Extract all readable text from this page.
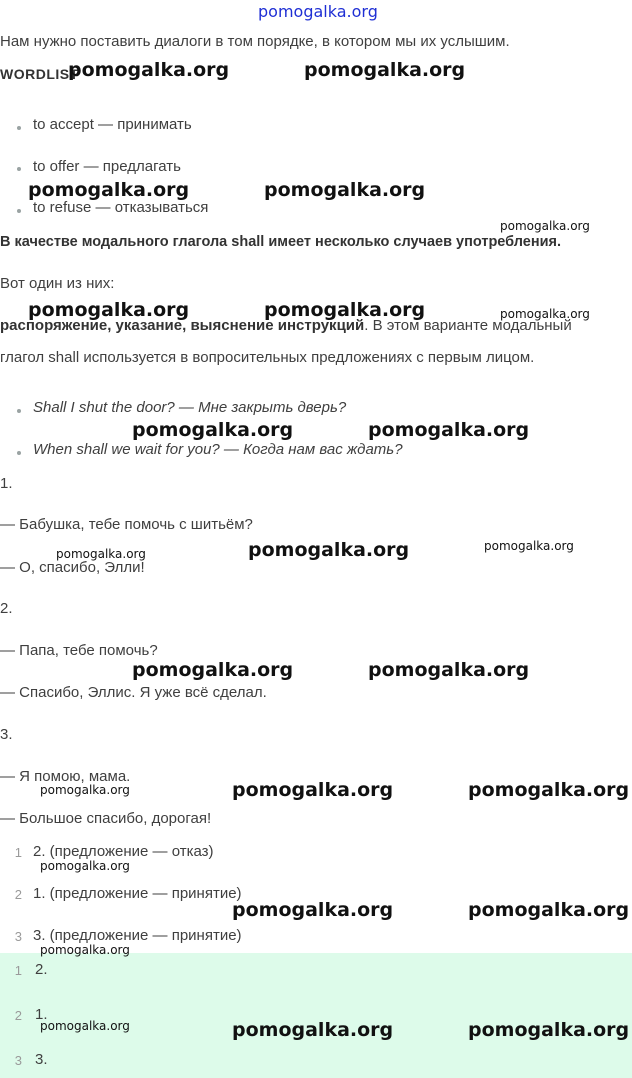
pomogalka.org
Нам нужно поставить диалоги в том порядке, в котором мы их услышим.
WORDLIST
to accept — принимать
to offer — предлагать
to refuse — отказываться
В качестве модального глагола shall имеет несколько случаев употребления.
Вот один из них:
распоряжение, указание, выяснение инструкций. В этом варианте модальный
глагол shall используется в вопросительных предложениях с первым лицом.
Shall I shut the door? — Мне закрыть дверь?
When shall we wait for you? — Когда нам вас ждать?
1.
— Бабушка, тебе помочь с шитьём?
— О, спасибо, Элли!
2.
— Папа, тебе помочь?
— Спасибо, Эллис. Я уже всё сделал.
3.
— Я помою, мама.
— Большое спасибо, дорогая!
1 2. (предложение — отказ)
2 1. (предложение — принятие)
3 3. (предложение — принятие)
1 2.
2 1.
3 3.
pomogalka.org	pomogalka.org
pomogalka.org	pomogalka.org
pomogalka.org
pomogalka.org	pomogalka.org	pomogalka.org
pomogalka.org	pomogalka.org
pomogalka.org	pomogalka.org	pomogalka.org
pomogalka.org	pomogalka.org
pomogalka.org	pomogalka.org	pomogalka.org
pomogalka.org
pomogalka.org	pomogalka.org
pomogalka.org
pomogalka.org	pomogalka.org	pomogalka.org
